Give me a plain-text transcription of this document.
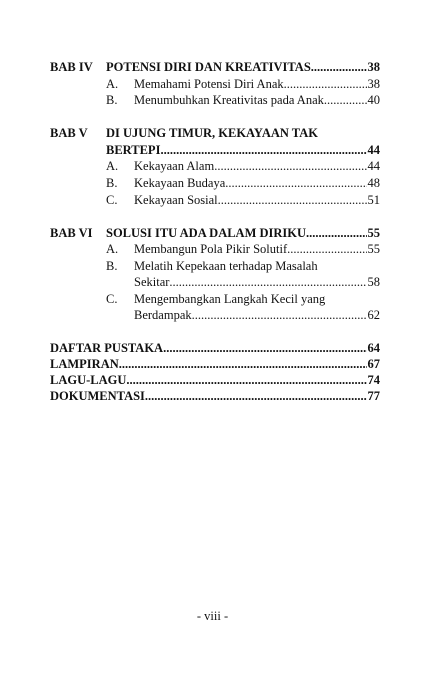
BAB IV POTENSI DIRI DAN KREATIVITAS .....	38
A. Memahami Potensi Diri Anak .....	38
B. Menumbuhkan Kreativitas pada Anak .....	40
BAB V DI UJUNG TIMUR, KEKAYAAN TAK
BERTEPI .....	44
A. Kekayaan Alam .....	44
B. Kekayaan Budaya .....	48
C. Kekayaan Sosial .....	51
BAB VI SOLUSI ITU ADA DALAM DIRIKU .....	55
A. Membangun Pola Pikir Solutif .....	55
B. Melatih Kepekaan terhadap Masalah
Sekitar .....	58
C. Mengembangkan Langkah Kecil yang
Berdampak .....	62
DAFTAR PUSTAKA .....	64
LAMPIRAN .....	67
LAGU-LAGU .....	74
DOKUMENTASI .....	77
- viii -
